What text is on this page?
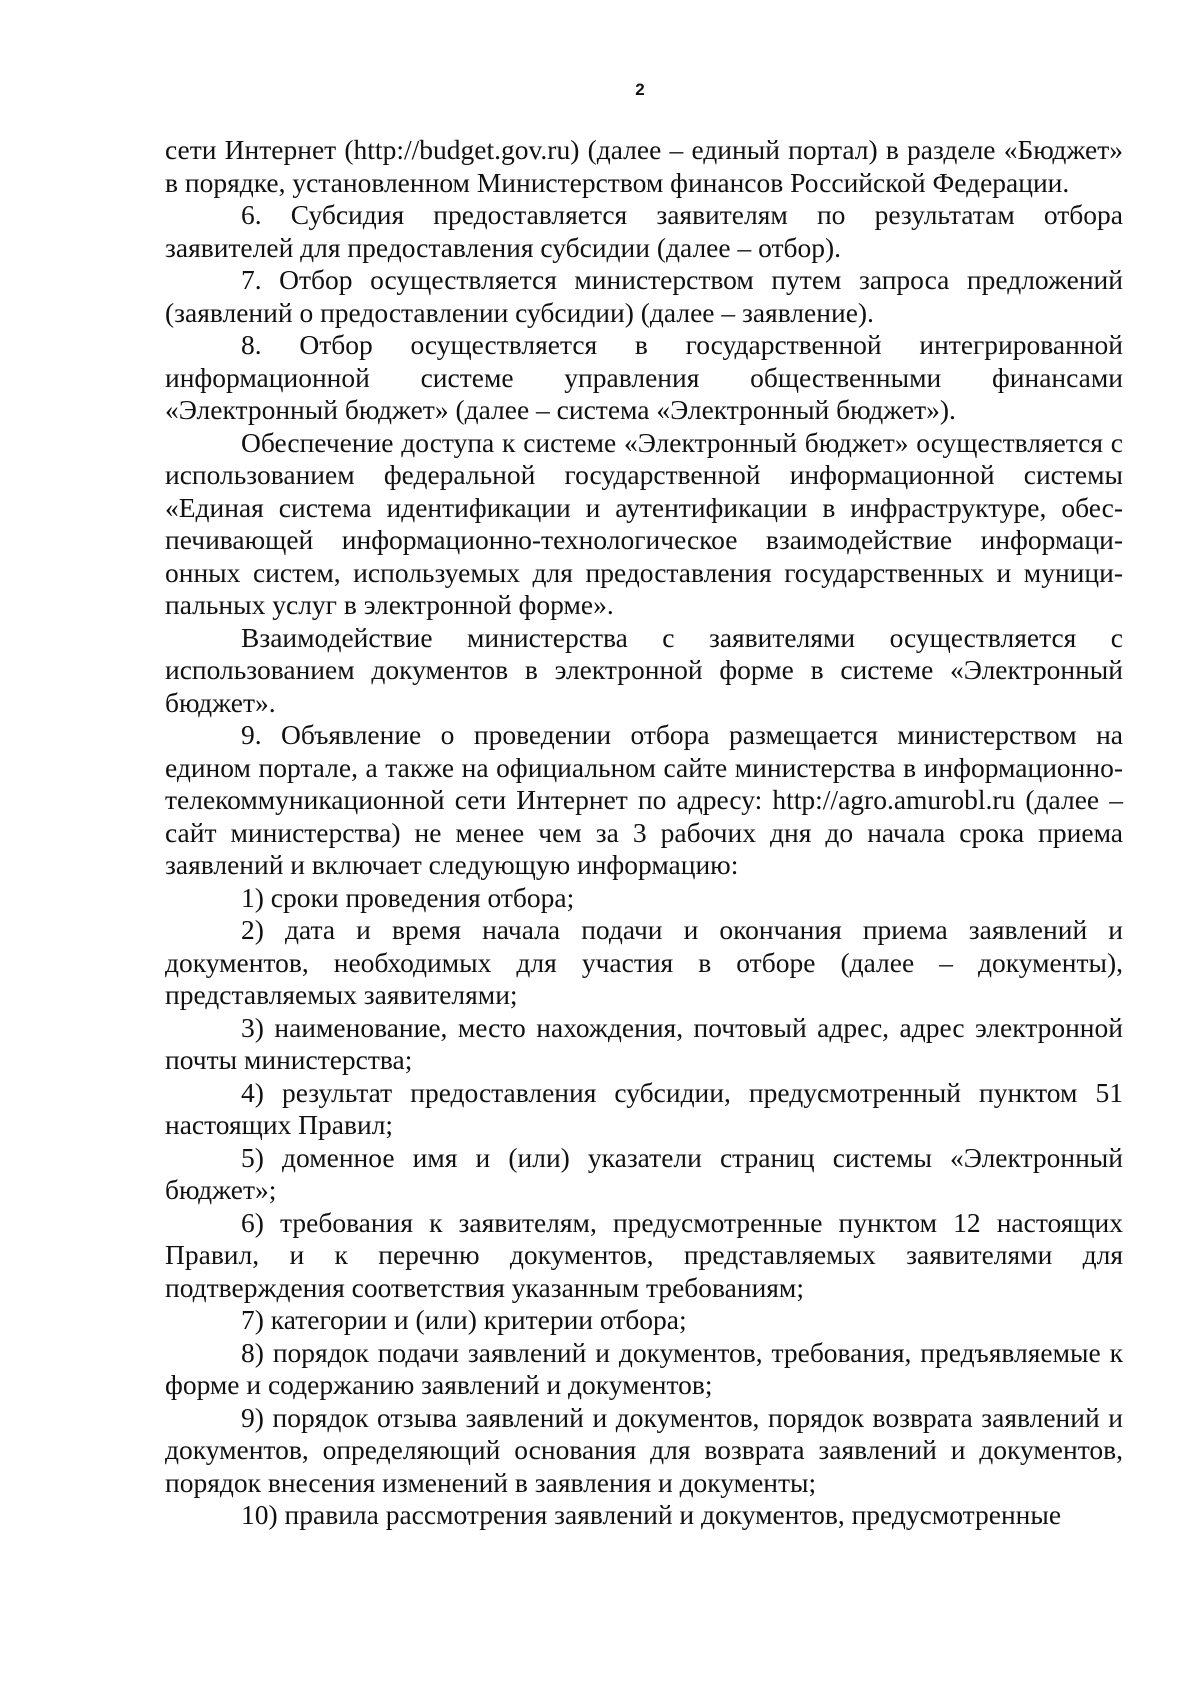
2

сети Интернет (http://budget.gov.ru) (далее – единый портал) в разделе «Бюджет» в порядке, установленном Министерством финансов Российской Федерации.

6. Субсидия предоставляется заявителям по результатам отбора заявителей для предоставления субсидии (далее – отбор).

7. Отбор осуществляется министерством путем запроса предложений (заявлений о предоставлении субсидии) (далее – заявление).

8. Отбор осуществляется в государственной интегрированной информационной системе управления общественными финансами «Электронный бюджет» (далее – система «Электронный бюджет»).

Обеспечение доступа к системе «Электронный бюджет» осуществляется с использованием федеральной государственной информационной системы «Единая система идентификации и аутентификации в инфраструктуре, обеспечивающей информационно-технологическое взаимодействие информационных систем, используемых для предоставления государственных и муниципальных услуг в электронной форме».

Взаимодействие министерства с заявителями осуществляется с использованием документов в электронной форме в системе «Электронный бюджет».

9. Объявление о проведении отбора размещается министерством на едином портале, а также на официальном сайте министерства в информационно-телекоммуникационной сети Интернет по адресу: http://agro.amurobl.ru (далее – сайт министерства) не менее чем за 3 рабочих дня до начала срока приема заявлений и включает следующую информацию:

1) сроки проведения отбора;

2) дата и время начала подачи и окончания приема заявлений и документов, необходимых для участия в отборе (далее – документы), представляемых заявителями;

3) наименование, место нахождения, почтовый адрес, адрес электронной почты министерства;

4) результат предоставления субсидии, предусмотренный пунктом 51 настоящих Правил;

5) доменное имя и (или) указатели страниц системы «Электронный бюджет»;

6) требования к заявителям, предусмотренные пунктом 12 настоящих Правил, и к перечню документов, представляемых заявителями для подтверждения соответствия указанным требованиям;

7) категории и (или) критерии отбора;

8) порядок подачи заявлений и документов, требования, предъявляемые к форме и содержанию заявлений и документов;

9) порядок отзыва заявлений и документов, порядок возврата заявлений и документов, определяющий основания для возврата заявлений и документов, порядок внесения изменений в заявления и документы;

10) правила рассмотрения заявлений и документов, предусмотренные
